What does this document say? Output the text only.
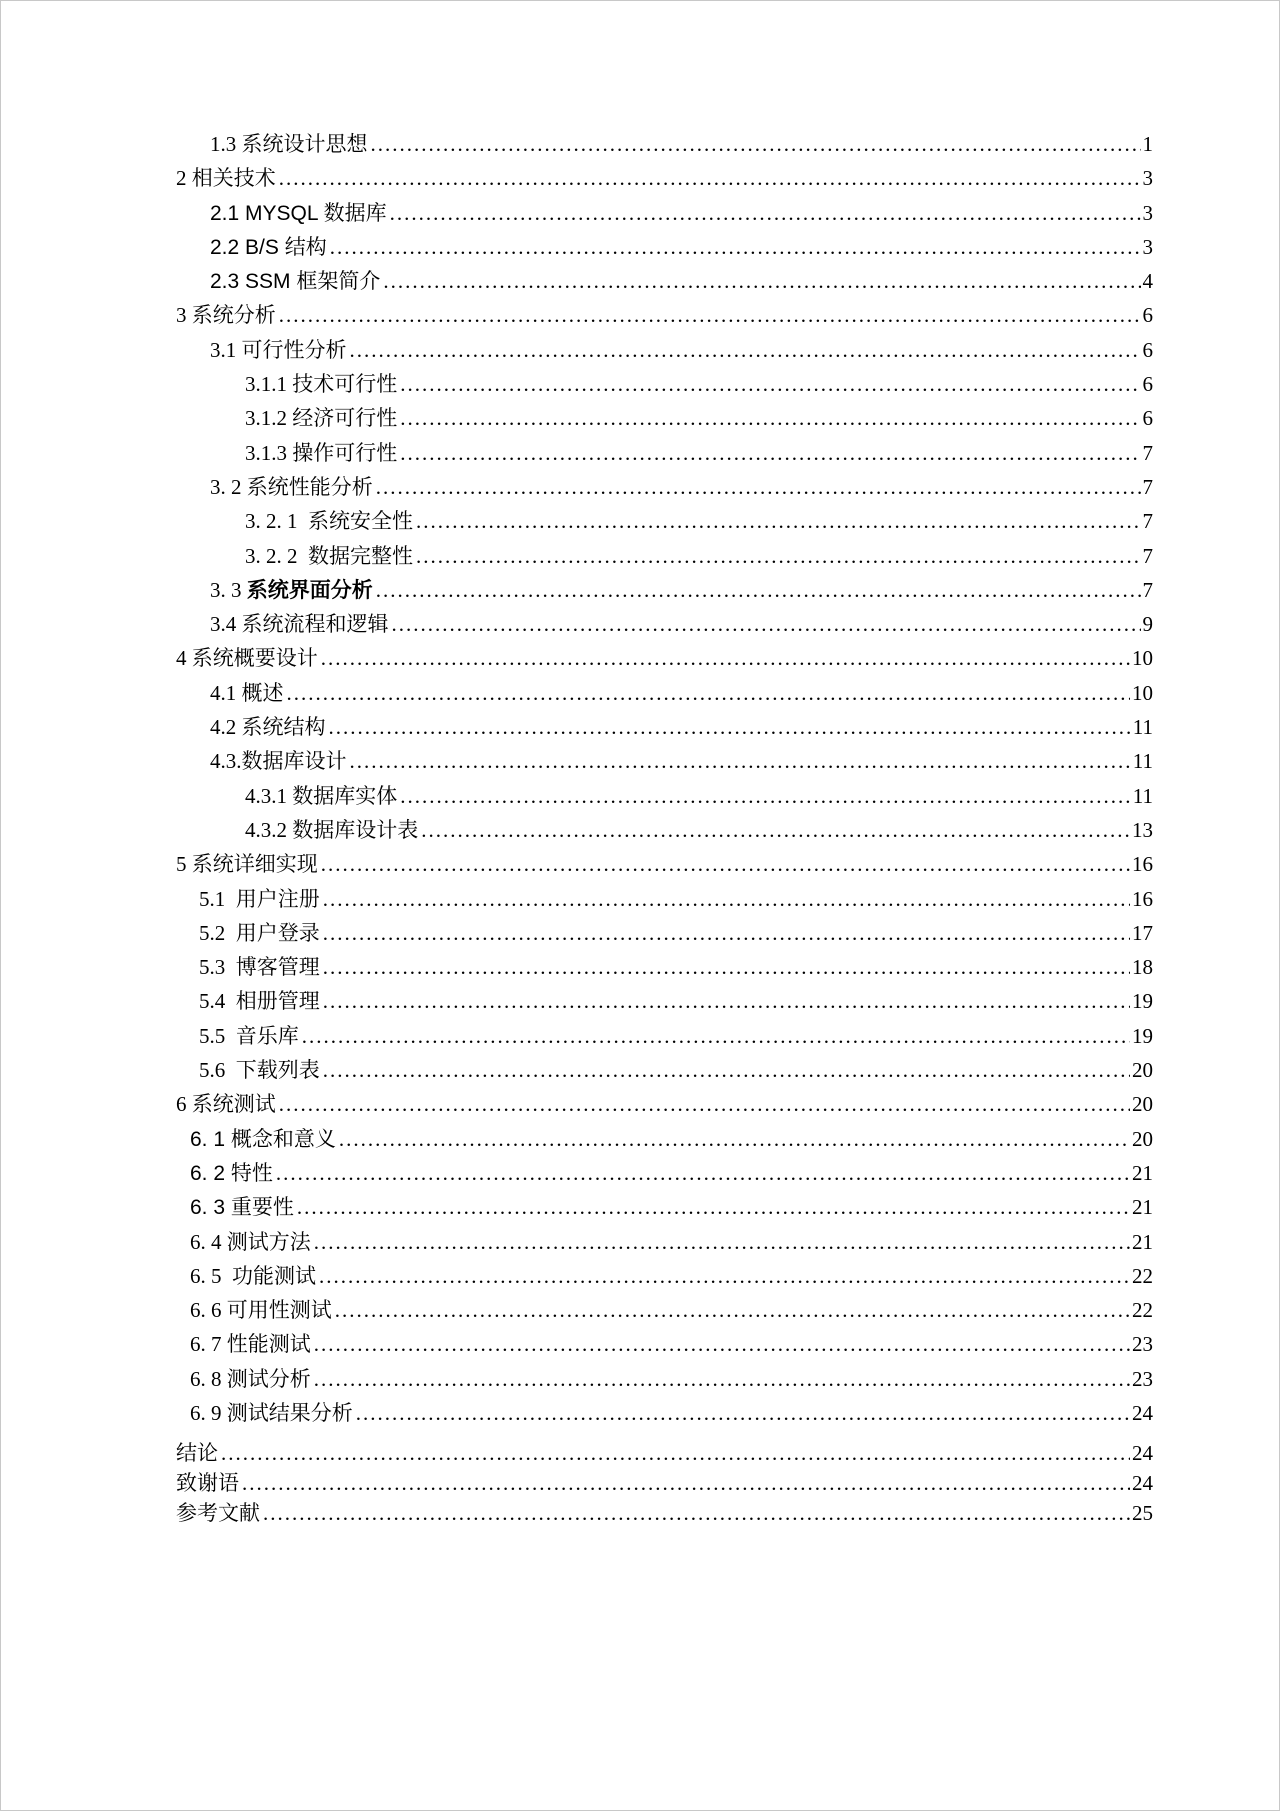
1.3 系统设计思想 .....	1
2 相关技术 .....	3
2.1 MYSQL 数据库 .....	3
2.2 B/S 结构 .....	3
2.3 SSM 框架简介 .....	4
3 系统分析 .....	6
3.1 可行性分析 .....	6
3.1.1 技术可行性 .....	6
3.1.2 经济可行性 .....	6
3.1.3 操作可行性 .....	7
3. 2 系统性能分析 .....	7
3. 2. 1  系统安全性 .....	7
3. 2. 2  数据完整性 .....	7
3. 3 系统界面分析 .....	7
3.4 系统流程和逻辑 .....	9
4 系统概要设计 .....	10
4.1 概述 .....	10
4.2 系统结构 .....	11
4.3.数据库设计 .....	11
4.3.1 数据库实体 .....	11
4.3.2 数据库设计表 .....	13
5 系统详细实现 .....	16
5.1  用户注册 .....	16
5.2  用户登录 .....	17
5.3  博客管理 .....	18
5.4  相册管理 .....	19
5.5  音乐库 .....	19
5.6  下载列表 .....	20
6 系统测试 .....	20
6. 1 概念和意义 .....	20
6. 2 特性 .....	21
6. 3 重要性 .....	21
6. 4 测试方法 .....	21
6. 5  功能测试 .....	22
6. 6 可用性测试 .....	22
6. 7 性能测试 .....	23
6. 8 测试分析 .....	23
6. 9 测试结果分析 .....	24
结论 .....	24
致谢语 .....	24
参考文献 .....	25
